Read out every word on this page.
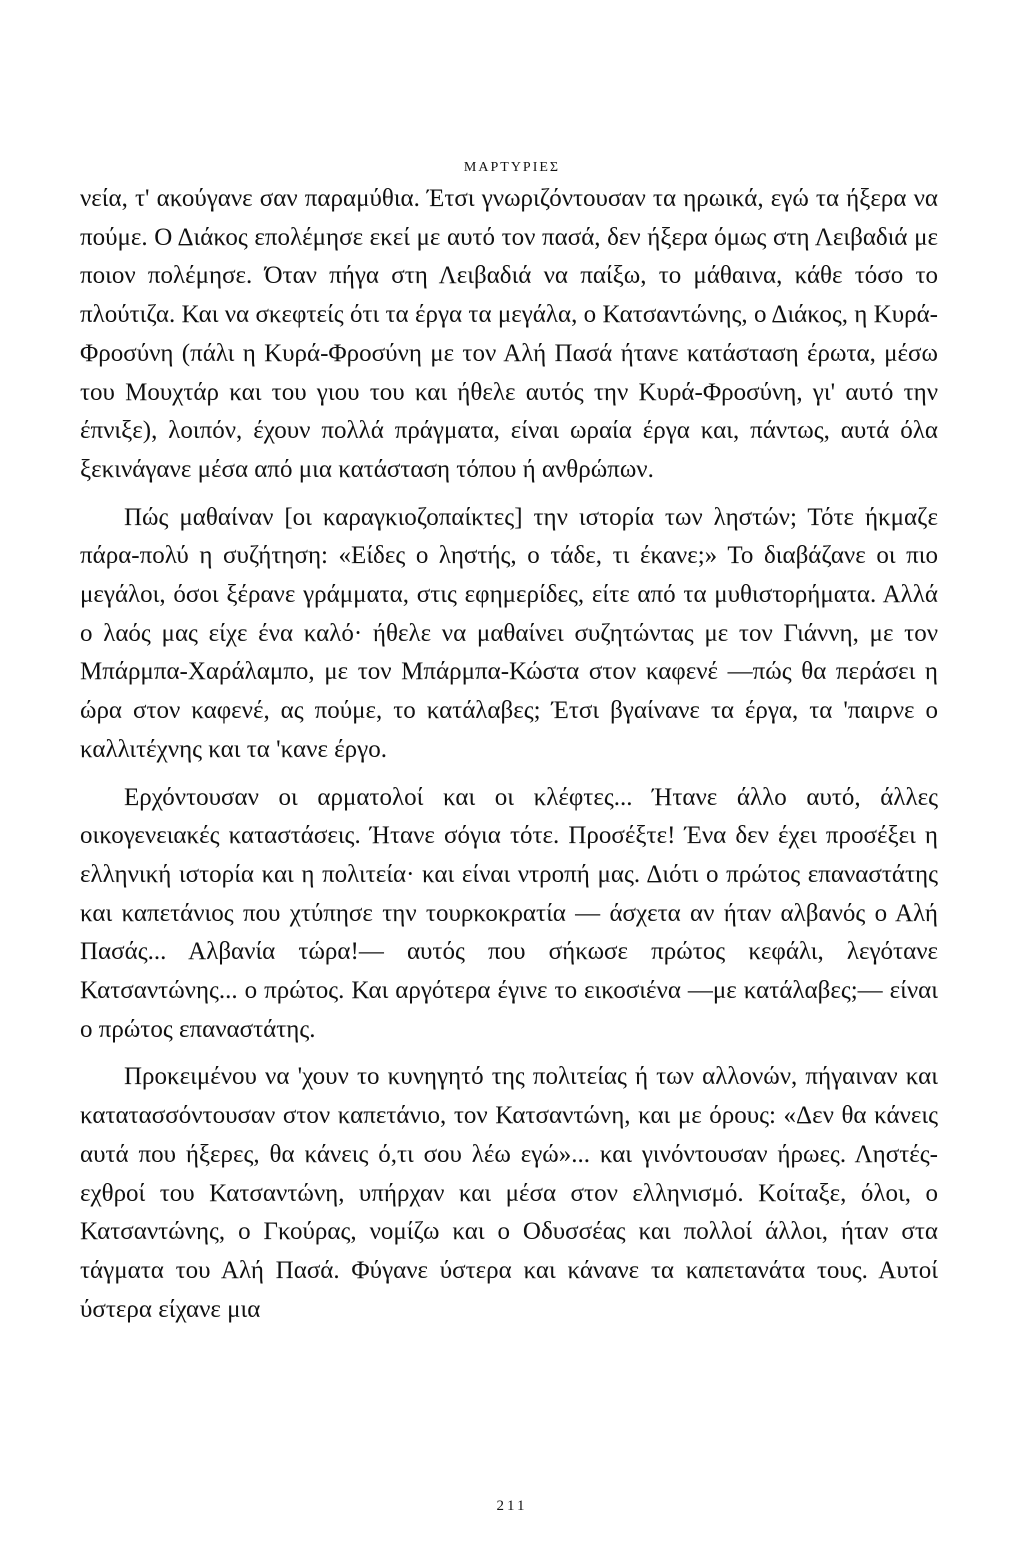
ΜΑΡΤΥΡΙΕΣ

νεία, τ' ακούγανε σαν παραμύθια. Έτσι γνωριζόντουσαν τα ηρωικά, εγώ τα ήξερα να πούμε. Ο Διάκος επολέμησε εκεί με αυτό τον πασά, δεν ήξερα όμως στη Λειβαδιά με ποιον πολέμησε. Όταν πήγα στη Λειβαδιά να παίξω, το μάθαινα, κάθε τόσο το πλούτιζα. Και να σκεφτείς ότι τα έργα τα μεγάλα, ο Κατσαντώνης, ο Διάκος, η Κυρά-Φροσύνη (πάλι η Κυρά-Φροσύνη με τον Αλή Πασά ήτανε κατάσταση έρωτα, μέσω του Μουχτάρ και του γιου του και ήθελε αυτός την Κυρά-Φροσύνη, γι' αυτό την έπνιξε), λοιπόν, έχουν πολλά πράγματα, είναι ωραία έργα και, πάντως, αυτά όλα ξεκινάγανε μέσα από μια κατάσταση τόπου ή ανθρώπων.

Πώς μαθαίναν [οι καραγκιοζοπαίκτες] την ιστορία των ληστών; Τότε ήκμαζε πάρα-πολύ η συζήτηση: «Είδες ο ληστής, ο τάδε, τι έκανε;» Το διαβάζανε οι πιο μεγάλοι, όσοι ξέρανε γράμματα, στις εφημερίδες, είτε από τα μυθιστορήματα. Αλλά ο λαός μας είχε ένα καλό· ήθελε να μαθαίνει συζητώντας με τον Γιάννη, με τον Μπάρμπα-Χαράλαμπο, με τον Μπάρμπα-Κώστα στον καφενέ —πώς θα περάσει η ώρα στον καφενέ, ας πούμε, το κατάλαβες; Έτσι βγαίνανε τα έργα, τα 'παιρνε ο καλλιτέχνης και τα 'κανε έργο.

Ερχόντουσαν οι αρματολοί και οι κλέφτες... Ήτανε άλλο αυτό, άλλες οικογενειακές καταστάσεις. Ήτανε σόγια τότε. Προσέξτε! Ένα δεν έχει προσέξει η ελληνική ιστορία και η πολιτεία· και είναι ντροπή μας. Διότι ο πρώτος επαναστάτης και καπετάνιος που χτύπησε την τουρκοκρατία — άσχετα αν ήταν αλβανός ο Αλή Πασάς... Αλβανία τώρα!— αυτός που σήκωσε πρώτος κεφάλι, λεγότανε Κατσαντώνης... ο πρώτος. Και αργότερα έγινε το εικοσιένα —με κατάλαβες;— είναι ο πρώτος επαναστάτης.

Προκειμένου να 'χουν το κυνηγητό της πολιτείας ή των αλλονών, πήγαιναν και κατατασσόντουσαν στον καπετάνιο, τον Κατσαντώνη, και με όρους: «Δεν θα κάνεις αυτά που ήξερες, θα κάνεις ό,τι σου λέω εγώ»... και γινόντουσαν ήρωες. Ληστές-εχθροί του Κατσαντώνη, υπήρχαν και μέσα στον ελληνισμό. Κοίταξε, όλοι, ο Κατσαντώνης, ο Γκούρας, νομίζω και ο Οδυσσέας και πολλοί άλλοι, ήταν στα τάγματα του Αλή Πασά. Φύγανε ύστερα και κάνανε τα καπετανάτα τους. Αυτοί ύστερα είχανε μια

211
